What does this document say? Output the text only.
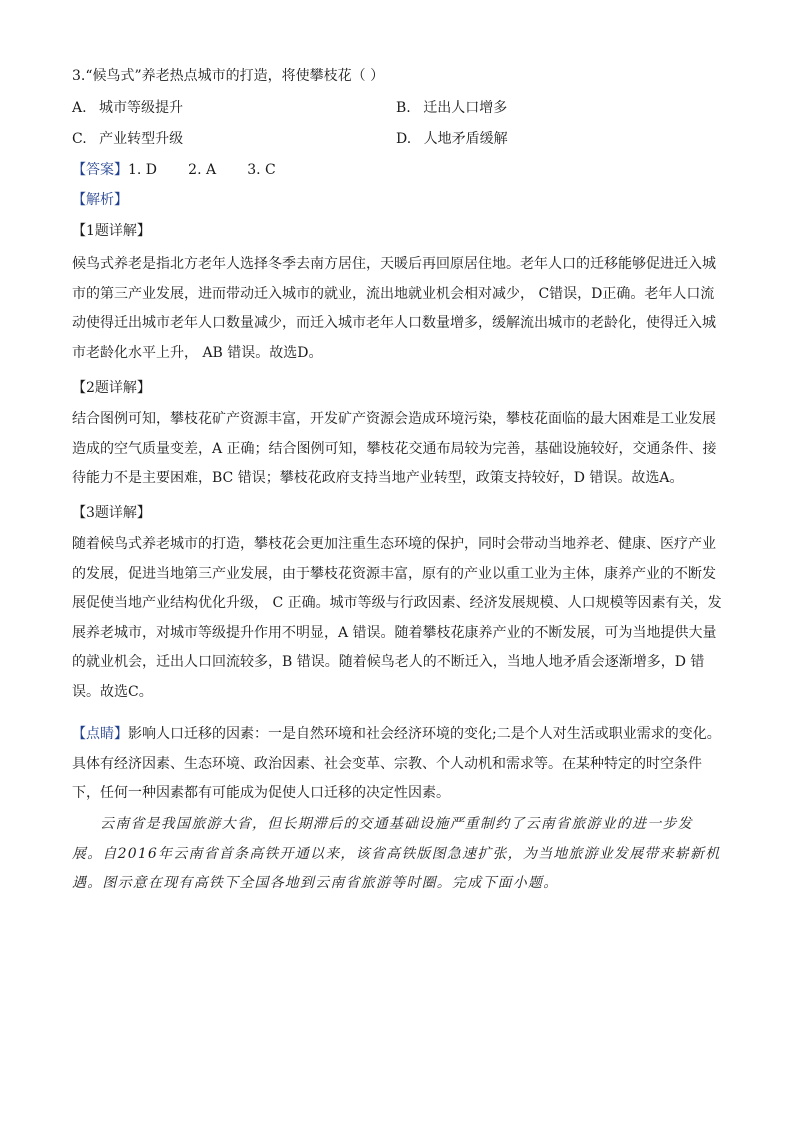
3.“候鸟式”养老热点城市的打造，将使攀枝花（ ）
A. 城市等级提升	B. 迁出人口增多
C. 产业转型升级	D. 人地矛盾缓解
【答案】1. D       2. A       3. C
【解析】
【1题详解】
候鸟式养老是指北方老年人选择冬季去南方居住，天暖后再回原居住地。老年人口的迁移能够促进迁入城市的第三产业发展，进而带动迁入城市的就业，流出地就业机会相对减少， C错误，D正确。老年人口流动使得迁出城市老年人口数量减少，而迁入城市老年人口数量增多，缓解流出城市的老龄化，使得迁入城市老龄化水平上升， AB 错误。故选D。
【2题详解】
结合图例可知，攀枝花矿产资源丰富，开发矿产资源会造成环境污染，攀枝花面临的最大困难是工业发展造成的空气质量变差，A 正确；结合图例可知，攀枝花交通布局较为完善，基础设施较好，交通条件、接待能力不是主要困难，BC 错误；攀枝花政府支持当地产业转型，政策支持较好，D 错误。故选A。
【3题详解】
随着候鸟式养老城市的打造，攀枝花会更加注重生态环境的保护，同时会带动当地养老、健康、医疗产业的发展，促进当地第三产业发展，由于攀枝花资源丰富，原有的产业以重工业为主体，康养产业的不断发展促使当地产业结构优化升级， C 正确。城市等级与行政因素、经济发展规模、人口规模等因素有关，发展养老城市，对城市等级提升作用不明显，A 错误。随着攀枝花康养产业的不断发展，可为当地提供大量的就业机会，迁出人口回流较多，B 错误。随着候鸟老人的不断迁入，当地人地矛盾会逐渐增多，D 错误。故选C。
【点睛】影响人口迁移的因素：一是自然环境和社会经济环境的变化;二是个人对生活或职业需求的变化。具体有经济因素、生态环境、政治因素、社会变革、宗教、个人动机和需求等。在某种特定的时空条件下，任何一种因素都有可能成为促使人口迁移的决定性因素。
云南省是我国旅游大省，但长期滞后的交通基础设施严重制约了云南省旅游业的进一步发展。自2016年云南省首条高铁开通以来，该省高铁版图急速扩张，为当地旅游业发展带来崭新机遇。图示意在现有高铁下全国各地到云南省旅游等时圈。完成下面小题。
